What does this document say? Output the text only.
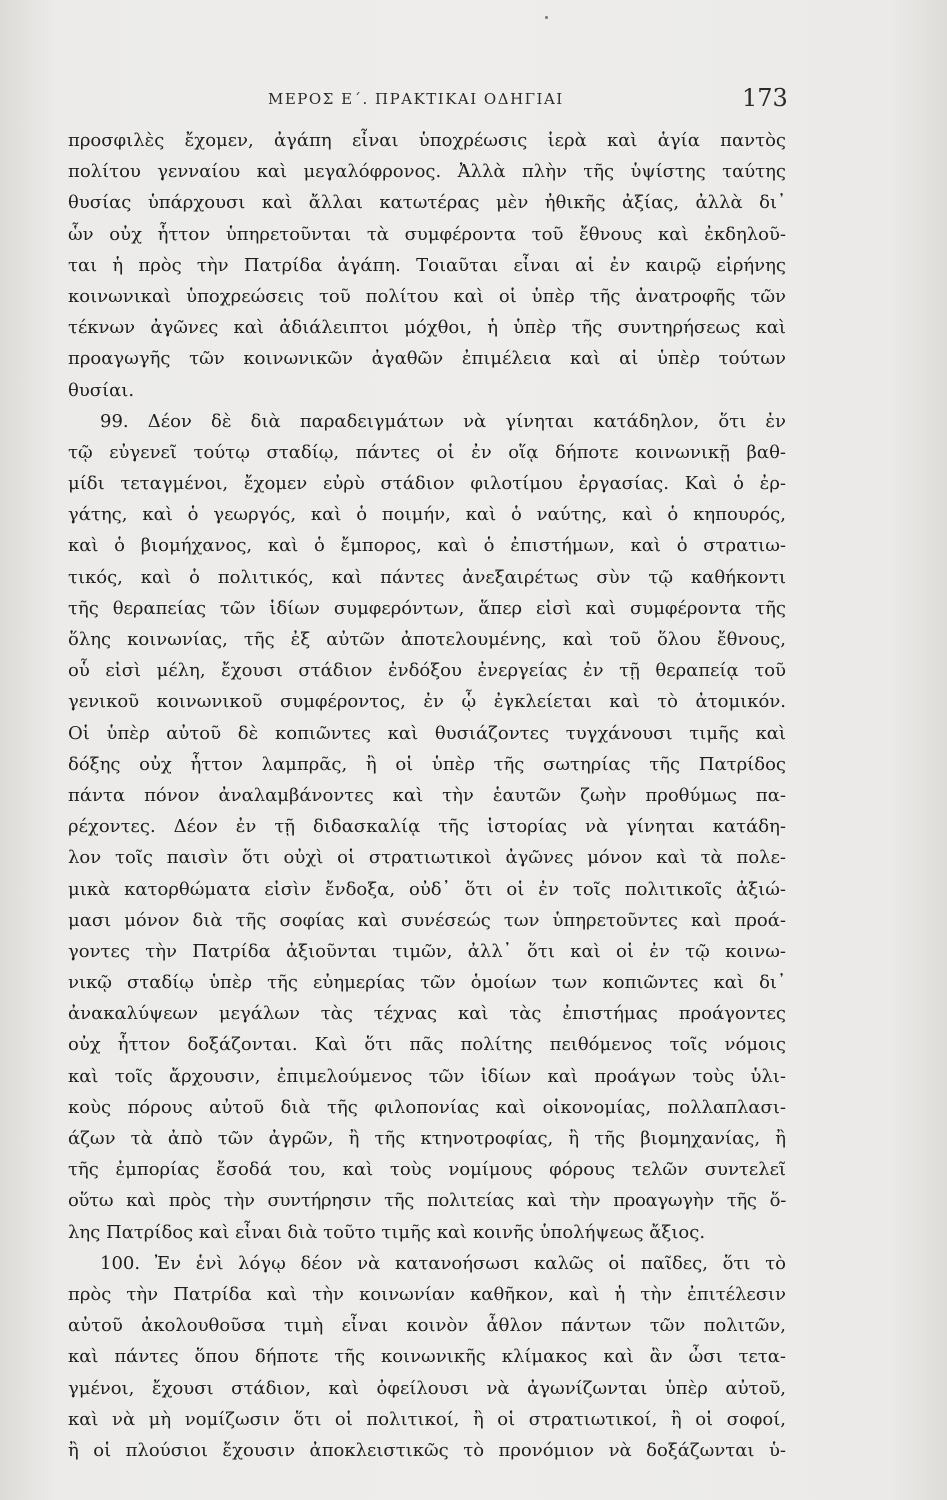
ΜΕΡΟΣ Ε΄. ΠΡΑΚΤΙΚΑΙ ΟΔΗΓΙΑΙ	173
προσφιλὲς ἔχομεν, ἀγάπη εἶναι ὑποχρέωσις ἱερὰ καὶ ἁγία παντὸς
πολίτου γενναίου καὶ μεγαλόφρονος. Ἀλλὰ πλὴν τῆς ὑψίστης ταύτης
θυσίας ὑπάρχουσι καὶ ἄλλαι κατωτέρας μὲν ἠθικῆς ἀξίας, ἀλλὰ δι᾿
ὧν οὐχ ἧττον ὑπηρετοῦνται τὰ συμφέροντα τοῦ ἔθνους καὶ ἐκδηλοῦ-
ται ἡ πρὸς τὴν Πατρίδα ἀγάπη. Τοιαῦται εἶναι αἱ ἐν καιρῷ εἰρήνης
κοινωνικαὶ ὑποχρεώσεις τοῦ πολίτου καὶ οἱ ὑπὲρ τῆς ἀνατροφῆς τῶν
τέκνων ἀγῶνες καὶ ἀδιάλειπτοι μόχθοι, ἡ ὑπὲρ τῆς συντηρήσεως καὶ
προαγωγῆς τῶν κοινωνικῶν ἀγαθῶν ἐπιμέλεια καὶ αἱ ὑπὲρ τούτων
θυσίαι.
99. Δέον δὲ διὰ παραδειγμάτων νὰ γίνηται κατάδηλον, ὅτι ἐν
τῷ εὐγενεῖ τούτῳ σταδίῳ, πάντες οἱ ἐν οἵᾳ δήποτε κοινωνικῇ βαθ-
μίδι τεταγμένοι, ἔχομεν εὐρὺ στάδιον φιλοτίμου ἐργασίας. Καὶ ὁ ἐρ-
γάτης, καὶ ὁ γεωργός, καὶ ὁ ποιμήν, καὶ ὁ ναύτης, καὶ ὁ κηπουρός,
καὶ ὁ βιομήχανος, καὶ ὁ ἔμπορος, καὶ ὁ ἐπιστήμων, καὶ ὁ στρατιω-
τικός, καὶ ὁ πολιτικός, καὶ πάντες ἀνεξαιρέτως σὺν τῷ καθήκοντι
τῆς θεραπείας τῶν ἰδίων συμφερόντων, ἅπερ εἰσὶ καὶ συμφέροντα τῆς
ὅλης κοινωνίας, τῆς ἐξ αὐτῶν ἀποτελουμένης, καὶ τοῦ ὅλου ἔθνους,
οὗ εἰσὶ μέλη, ἔχουσι στάδιον ἐνδόξου ἐνεργείας ἐν τῇ θεραπείᾳ τοῦ
γενικοῦ κοινωνικοῦ συμφέροντος, ἐν ᾧ ἐγκλείεται καὶ τὸ ἀτομικόν.
Οἱ ὑπὲρ αὐτοῦ δὲ κοπιῶντες καὶ θυσιάζοντες τυγχάνουσι τιμῆς καὶ
δόξης οὐχ ἧττον λαμπρᾶς, ἢ οἱ ὑπὲρ τῆς σωτηρίας τῆς Πατρίδος
πάντα πόνον ἀναλαμβάνοντες καὶ τὴν ἑαυτῶν ζωὴν προθύμως πα-
ρέχοντες. Δέον ἐν τῇ διδασκαλίᾳ τῆς ἱστορίας νὰ γίνηται κατάδη-
λον τοῖς παισὶν ὅτι οὐχὶ οἱ στρατιωτικοὶ ἀγῶνες μόνον καὶ τὰ πολε-
μικὰ κατορθώματα εἰσὶν ἔνδοξα, οὐδ᾿ ὅτι οἱ ἐν τοῖς πολιτικοῖς ἀξιώ-
μασι μόνον διὰ τῆς σοφίας καὶ συνέσεώς των ὑπηρετοῦντες καὶ προά-
γοντες τὴν Πατρίδα ἀξιοῦνται τιμῶν, ἀλλ᾿ ὅτι καὶ οἱ ἐν τῷ κοινω-
νικῷ σταδίῳ ὑπὲρ τῆς εὐημερίας τῶν ὁμοίων των κοπιῶντες καὶ δι᾿
ἀνακαλύψεων μεγάλων τὰς τέχνας καὶ τὰς ἐπιστήμας προάγοντες
οὐχ ἧττον δοξάζονται. Καὶ ὅτι πᾶς πολίτης πειθόμενος τοῖς νόμοις
καὶ τοῖς ἄρχουσιν, ἐπιμελούμενος τῶν ἰδίων καὶ προάγων τοὺς ὑλι-
κοὺς πόρους αὐτοῦ διὰ τῆς φιλοπονίας καὶ οἰκονομίας, πολλαπλασι-
άζων τὰ ἀπὸ τῶν ἀγρῶν, ἢ τῆς κτηνοτροφίας, ἢ τῆς βιομηχανίας, ἢ
τῆς ἐμπορίας ἔσοδά του, καὶ τοὺς νομίμους φόρους τελῶν συντελεῖ
οὕτω καὶ πρὸς τὴν συντήρησιν τῆς πολιτείας καὶ τὴν προαγωγὴν τῆς ὅ-
λης Πατρίδος καὶ εἶναι διὰ τοῦτο τιμῆς καὶ κοινῆς ὑπολήψεως ἄξιος.
100. Ἐν ἑνὶ λόγῳ δέον νὰ κατανοήσωσι καλῶς οἱ παῖδες, ὅτι τὸ
πρὸς τὴν Πατρίδα καὶ τὴν κοινωνίαν καθῆκον, καὶ ἡ τὴν ἐπιτέλεσιν
αὐτοῦ ἀκολουθοῦσα τιμὴ εἶναι κοινὸν ἆθλον πάντων τῶν πολιτῶν,
καὶ πάντες ὅπου δήποτε τῆς κοινωνικῆς κλίμακος καὶ ἂν ὦσι τετα-
γμένοι, ἔχουσι στάδιον, καὶ ὀφείλουσι νὰ ἀγωνίζωνται ὑπὲρ αὐτοῦ,
καὶ νὰ μὴ νομίζωσιν ὅτι οἱ πολιτικοί, ἢ οἱ στρατιωτικοί, ἢ οἱ σοφοί,
ἢ οἱ πλούσιοι ἔχουσιν ἀποκλειστικῶς τὸ προνόμιον νὰ δοξάζωνται ὑ-
